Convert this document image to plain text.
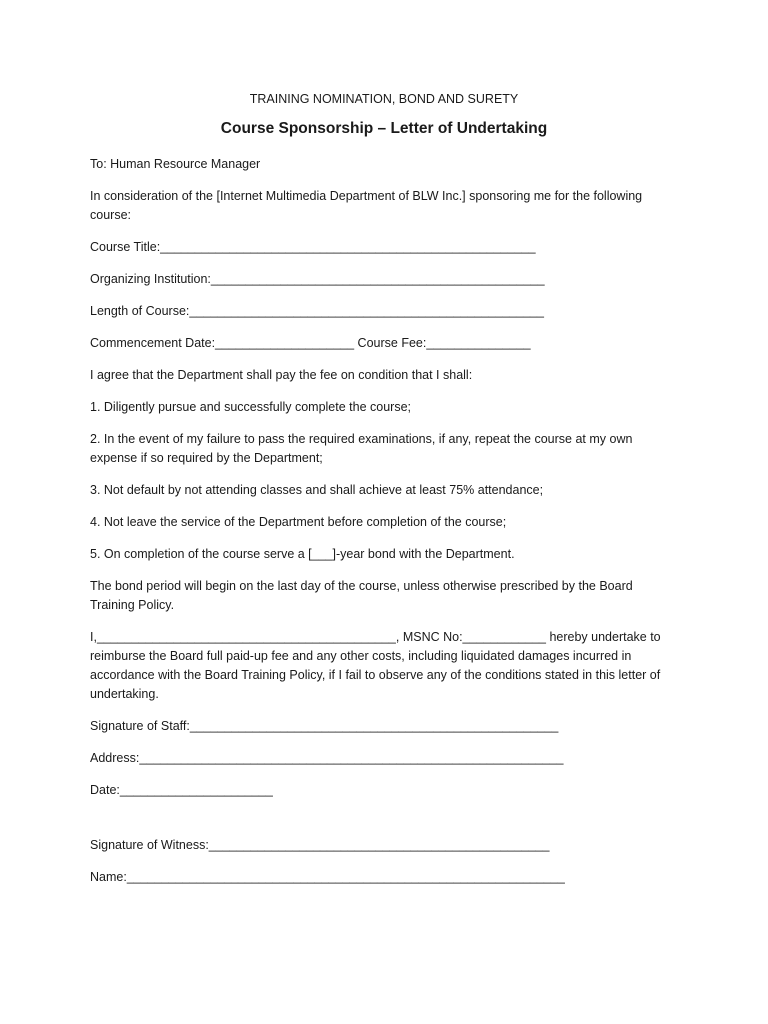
TRAINING NOMINATION, BOND AND SURETY
Course Sponsorship – Letter of Undertaking

To: Human Resource Manager

In consideration of the [Internet Multimedia Department of BLW Inc.] sponsoring me for the following course:

Course Title:______________________________________________________

Organizing Institution:________________________________________________

Length of Course:___________________________________________________

Commencement Date:____________________ Course Fee:_______________

I agree that the Department shall pay the fee on condition that I shall:

1. Diligently pursue and successfully complete the course;

2. In the event of my failure to pass the required examinations, if any, repeat the course at my own expense if so required by the Department;

3. Not default by not attending classes and shall achieve at least 75% attendance;

4. Not leave the service of the Department before completion of the course;

5. On completion of the course serve a [___]-year bond with the Department.

The bond period will begin on the last day of the course, unless otherwise prescribed by the Board Training Policy.

I,___________________________________________, MSNC No:____________ hereby undertake to reimburse the Board full paid-up fee and any other costs, including liquidated damages incurred in accordance with the Board Training Policy, if I fail to observe any of the conditions stated in this letter of undertaking.

Signature of Staff:_____________________________________________________

Address:_____________________________________________________________

Date:______________________

Signature of Witness:_________________________________________________

Name:_______________________________________________________________
